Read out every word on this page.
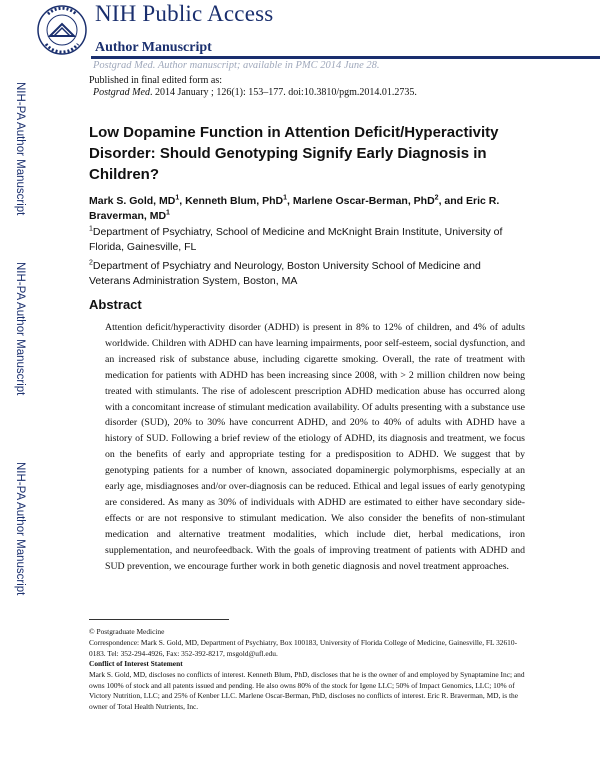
NIH Public Access
Author Manuscript
Postgrad Med. Author manuscript; available in PMC 2014 June 28.
Published in final edited form as:
Postgrad Med. 2014 January ; 126(1): 153–177. doi:10.3810/pgm.2014.01.2735.
NIH-PA Author Manuscript
NIH-PA Author Manuscript
NIH-PA Author Manuscript
Low Dopamine Function in Attention Deficit/Hyperactivity Disorder: Should Genotyping Signify Early Diagnosis in Children?
Mark S. Gold, $MD^1$, Kenneth Blum, PhD$^1$, Marlene Oscar-Berman, PhD$^2$, and Eric R. Braverman, $MD^1$
$^1$Department of Psychiatry, School of Medicine and McKnight Brain Institute, University of Florida, Gainesville, FL
$^2$Department of Psychiatry and Neurology, Boston University School of Medicine and Veterans Administration System, Boston, MA
Abstract
Attention deficit/hyperactivity disorder (ADHD) is present in 8% to 12% of children, and 4% of adults worldwide. Children with ADHD can have learning impairments, poor self-esteem, social dysfunction, and an increased risk of substance abuse, including cigarette smoking. Overall, the rate of treatment with medication for patients with ADHD has been increasing since 2008, with > 2 million children now being treated with stimulants. The rise of adolescent prescription ADHD medication abuse has occurred along with a concomitant increase of stimulant medication availability. Of adults presenting with a substance use disorder (SUD), 20% to 30% have concurrent ADHD, and 20% to 40% of adults with ADHD have a history of SUD. Following a brief review of the etiology of ADHD, its diagnosis and treatment, we focus on the benefits of early and appropriate testing for a predisposition to ADHD. We suggest that by genotyping patients for a number of known, associated dopaminergic polymorphisms, especially at an early age, misdiagnoses and/or over-diagnosis can be reduced. Ethical and legal issues of early genotyping are considered. As many as 30% of individuals with ADHD are estimated to either have secondary side-effects or are not responsive to stimulant medication. We also consider the benefits of non-stimulant medication and alternative treatment modalities, which include diet, herbal medications, iron supplementation, and neurofeedback. With the goals of improving treatment of patients with ADHD and SUD prevention, we encourage further work in both genetic diagnosis and novel treatment approaches.
© Postgraduate Medicine
Correspondence: Mark S. Gold, MD, Department of Psychiatry, Box 100183, University of Florida College of Medicine, Gainesville, FL 32610-0183. Tel: 352-294-4926, Fax: 352-392-8217, msgold@ufl.edu.
Conflict of Interest Statement
Mark S. Gold, MD, discloses no conflicts of interest. Kenneth Blum, PhD, discloses that he is the owner of and employed by Synaptamine Inc; and owns 100% of stock and all patents issued and pending. He also owns 80% of the stock for Igene LLC; 50% of Impact Genomics, LLC; 10% of Victory Nutrition, LLC; and 25% of Kenber LLC. Marlene Oscar-Berman, PhD, discloses no conflicts of interest. Eric R. Braverman, MD, is the owner of Total Health Nutrients, Inc.
